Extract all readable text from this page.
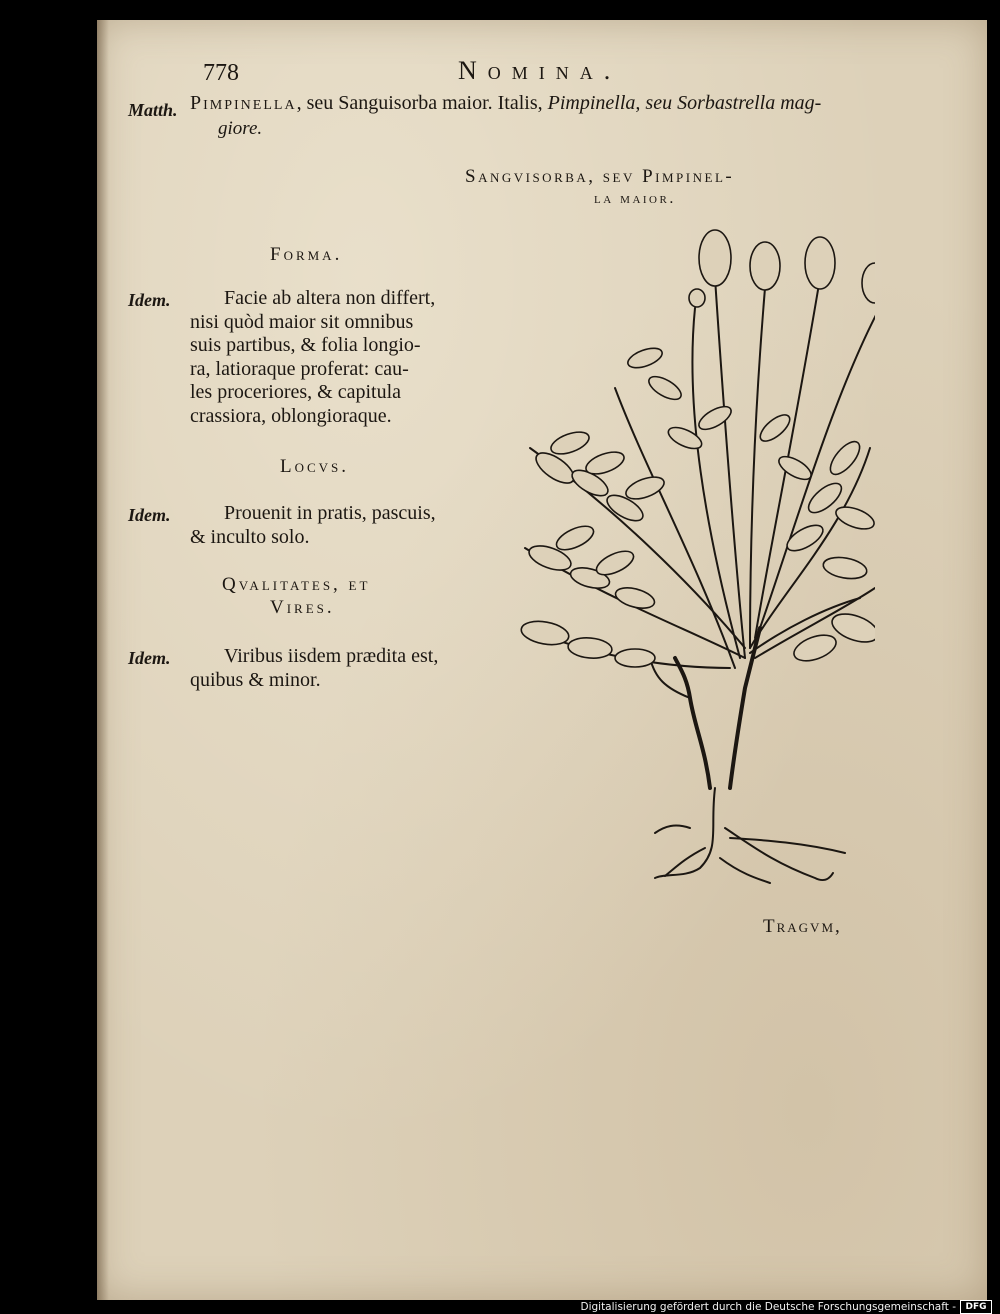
778	Nomina.
Matth. Pimpinella, seu Sanguisorba maior. Italis, Pimpinella, seu Sorbastrella mag-
giore.
Sangvisorba, sev Pimpinel-
la maior.
Forma.
Idem.	Facie ab altera non differt,
nisi quòd maior sit omnibus
suis partibus, & folia longio-
ra, latioraque proferat: cau-
les proceriores, & capitula
crassiora, oblongioraque.
Locvs.
Idem.	Prouenit in pratis, pascuis,
& inculto solo.
Qvalitates, et
Vires.
Idem.	Viribus iisdem prædita est,
quibus & minor.
Tragvm,
Digitalisierung gefördert durch die Deutsche Forschungsgemeinschaft -	DFG
